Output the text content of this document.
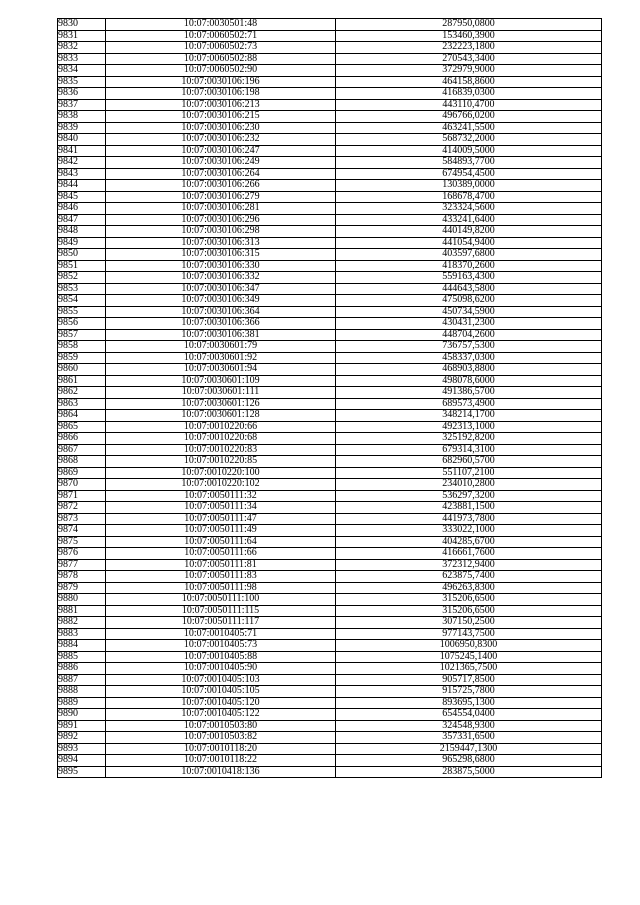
9830	10:07:0030501:48	287950,0800
9831	10:07:0060502:71	153460,3900
9832	10:07:0060502:73	232223,1800
9833	10:07:0060502:88	270543,3400
9834	10:07:0060502:90	372979,9000
9835	10:07:0030106:196	464158,8600
9836	10:07:0030106:198	416839,0300
9837	10:07:0030106:213	443110,4700
9838	10:07:0030106:215	496766,0200
9839	10:07:0030106:230	463241,5500
9840	10:07:0030106:232	568732,2000
9841	10:07:0030106:247	414009,5000
9842	10:07:0030106:249	584893,7700
9843	10:07:0030106:264	674954,4500
9844	10:07:0030106:266	130389,0000
9845	10:07:0030106:279	168678,4700
9846	10:07:0030106:281	323324,5600
9847	10:07:0030106:296	433241,6400
9848	10:07:0030106:298	440149,8200
9849	10:07:0030106:313	441054,9400
9850	10:07:0030106:315	403597,6800
9851	10:07:0030106:330	418370,2600
9852	10:07:0030106:332	559163,4300
9853	10:07:0030106:347	444643,5800
9854	10:07:0030106:349	475098,6200
9855	10:07:0030106:364	450734,5900
9856	10:07:0030106:366	430431,2300
9857	10:07:0030106:381	448704,2600
9858	10:07:0030601:79	736757,5300
9859	10:07:0030601:92	458337,0300
9860	10:07:0030601:94	468903,8800
9861	10:07:0030601:109	498078,6000
9862	10:07:0030601:111	491386,5700
9863	10:07:0030601:126	689573,4900
9864	10:07:0030601:128	348214,1700
9865	10:07:0010220:66	492313,1000
9866	10:07:0010220:68	325192,8200
9867	10:07:0010220:83	679314,3100
9868	10:07:0010220:85	682960,5700
9869	10:07:0010220:100	551107,2100
9870	10:07:0010220:102	234010,2800
9871	10:07:0050111:32	536297,3200
9872	10:07:0050111:34	423881,1500
9873	10:07:0050111:47	441973,7800
9874	10:07:0050111:49	333022,1000
9875	10:07:0050111:64	404285,6700
9876	10:07:0050111:66	416661,7600
9877	10:07:0050111:81	372312,9400
9878	10:07:0050111:83	623875,7400
9879	10:07:0050111:98	496263,8300
9880	10:07:0050111:100	315206,6500
9881	10:07:0050111:115	315206,6500
9882	10:07:0050111:117	307150,2500
9883	10:07:0010405:71	977143,7500
9884	10:07:0010405:73	1006950,8300
9885	10:07:0010405:88	1075245,1400
9886	10:07:0010405:90	1021365,7500
9887	10:07:0010405:103	905717,8500
9888	10:07:0010405:105	915725,7800
9889	10:07:0010405:120	893695,1300
9890	10:07:0010405:122	654554,0400
9891	10:07:0010503:80	324548,9300
9892	10:07:0010503:82	357331,6500
9893	10:07:0010118:20	2159447,1300
9894	10:07:0010118:22	965298,6800
9895	10:07:0010418:136	283875,5000
